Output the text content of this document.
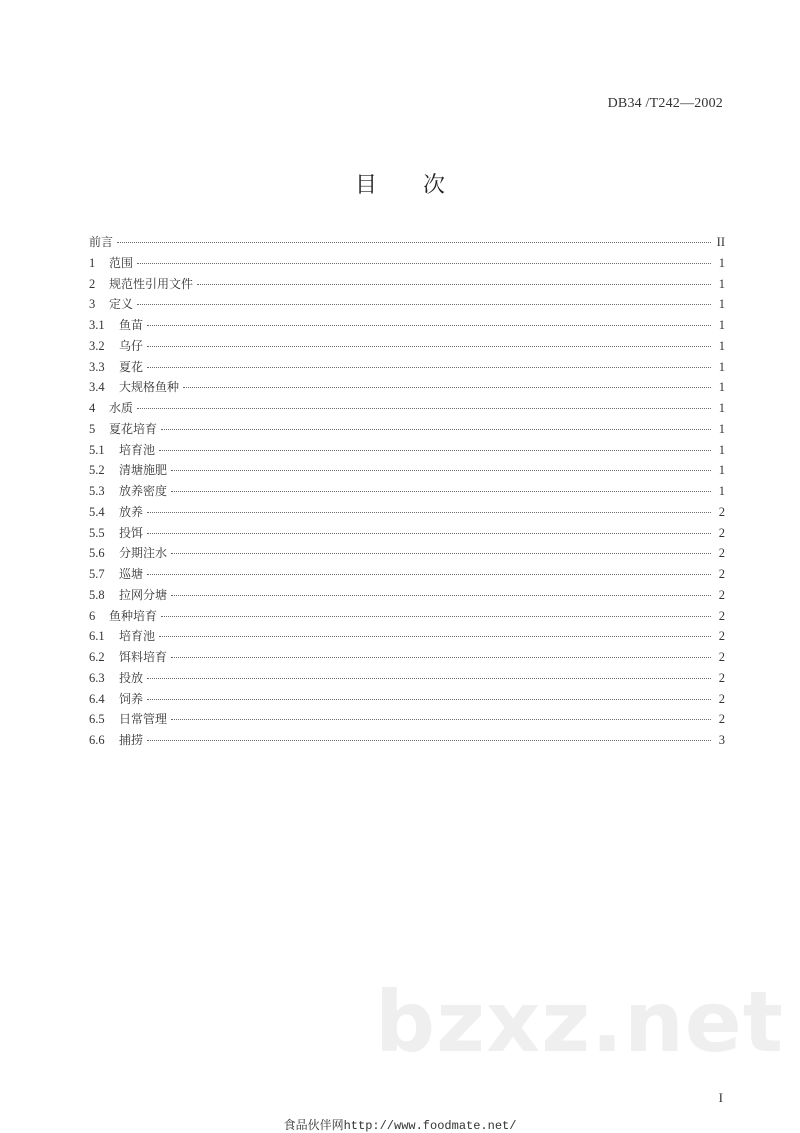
DB34 /T242—2002
目 次
前言	II
1	范围	1
2	规范性引用文件	1
3	定义	1
3.1	鱼苗	1
3.2	乌仔	1
3.3	夏花	1
3.4	大规格鱼种	1
4	水质	1
5	夏花培育	1
5.1	培育池	1
5.2	清塘施肥	1
5.3	放养密度	1
5.4	放养	2
5.5	投饵	2
5.6	分期注水	2
5.7	巡塘	2
5.8	拉网分塘	2
6	鱼种培育	2
6.1	培育池	2
6.2	饵料培育	2
6.3	投放	2
6.4	饲养	2
6.5	日常管理	2
6.6	捕捞	3
bzxz.net
I
食品伙伴网http://www.foodmate.net/
